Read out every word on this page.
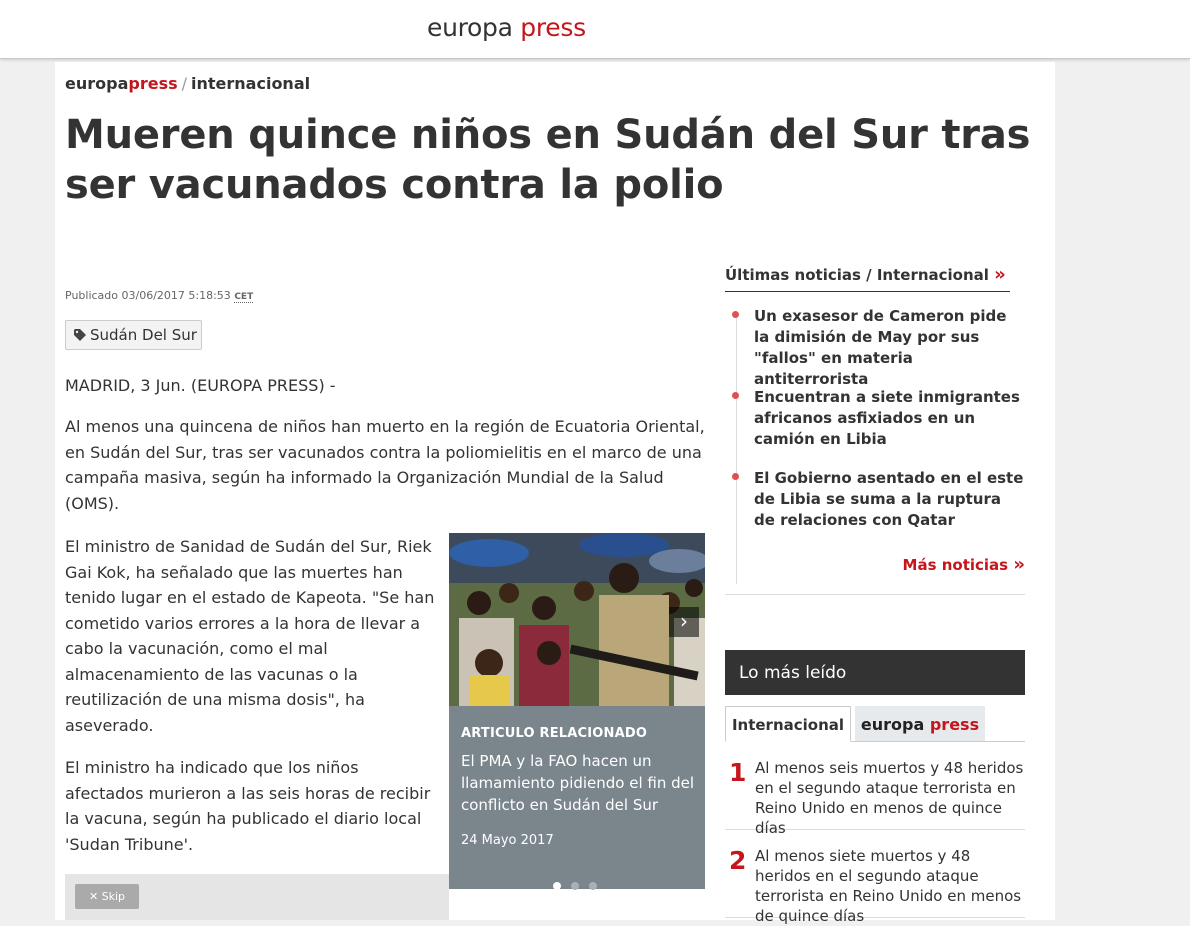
europa press
europapress / internacional
Mueren quince niños en Sudán del Sur tras ser vacunados contra la polio
Publicado 03/06/2017 5:18:53 CET
Sudán Del Sur

MADRID, 3 Jun. (EUROPA PRESS) -

Al menos una quincena de niños han muerto en la región de Ecuatoria Oriental, en Sudán del Sur, tras ser vacunados contra la poliomielitis en el marco de una campaña masiva, según ha informado la Organización Mundial de la Salud (OMS).

El ministro de Sanidad de Sudán del Sur, Riek Gai Kok, ha señalado que las muertes han tenido lugar en el estado de Kapeota. "Se han cometido varios errores a la hora de llevar a cabo la vacunación, como el mal almacenamiento de las vacunas o la reutilización de una misma dosis", ha aseverado.

El ministro ha indicado que los niños afectados murieron a las seis horas de recibir la vacuna, según ha publicado el diario local 'Sudan Tribune'.

›
ARTICULO RELACIONADO
El PMA y la FAO hacen un llamamiento pidiendo el fin del conflicto en Sudán del Sur
24 Mayo 2017
✕ Skip
Últimas noticias / Internacional »
Un exasesor de Cameron pide la dimisión de May por sus "fallos" en materia antiterrorista
Encuentran a siete inmigrantes africanos asfixiados en un camión en Libia
El Gobierno asentado en el este de Libia se suma a la ruptura de relaciones con Qatar
Más noticias »
Lo más leído
Internacional	europa press
1 Al menos seis muertos y 48 heridos en el segundo ataque terrorista en Reino Unido en menos de quince días
2 Al menos siete muertos y 48 heridos en el segundo ataque terrorista en Reino Unido en menos de quince días
